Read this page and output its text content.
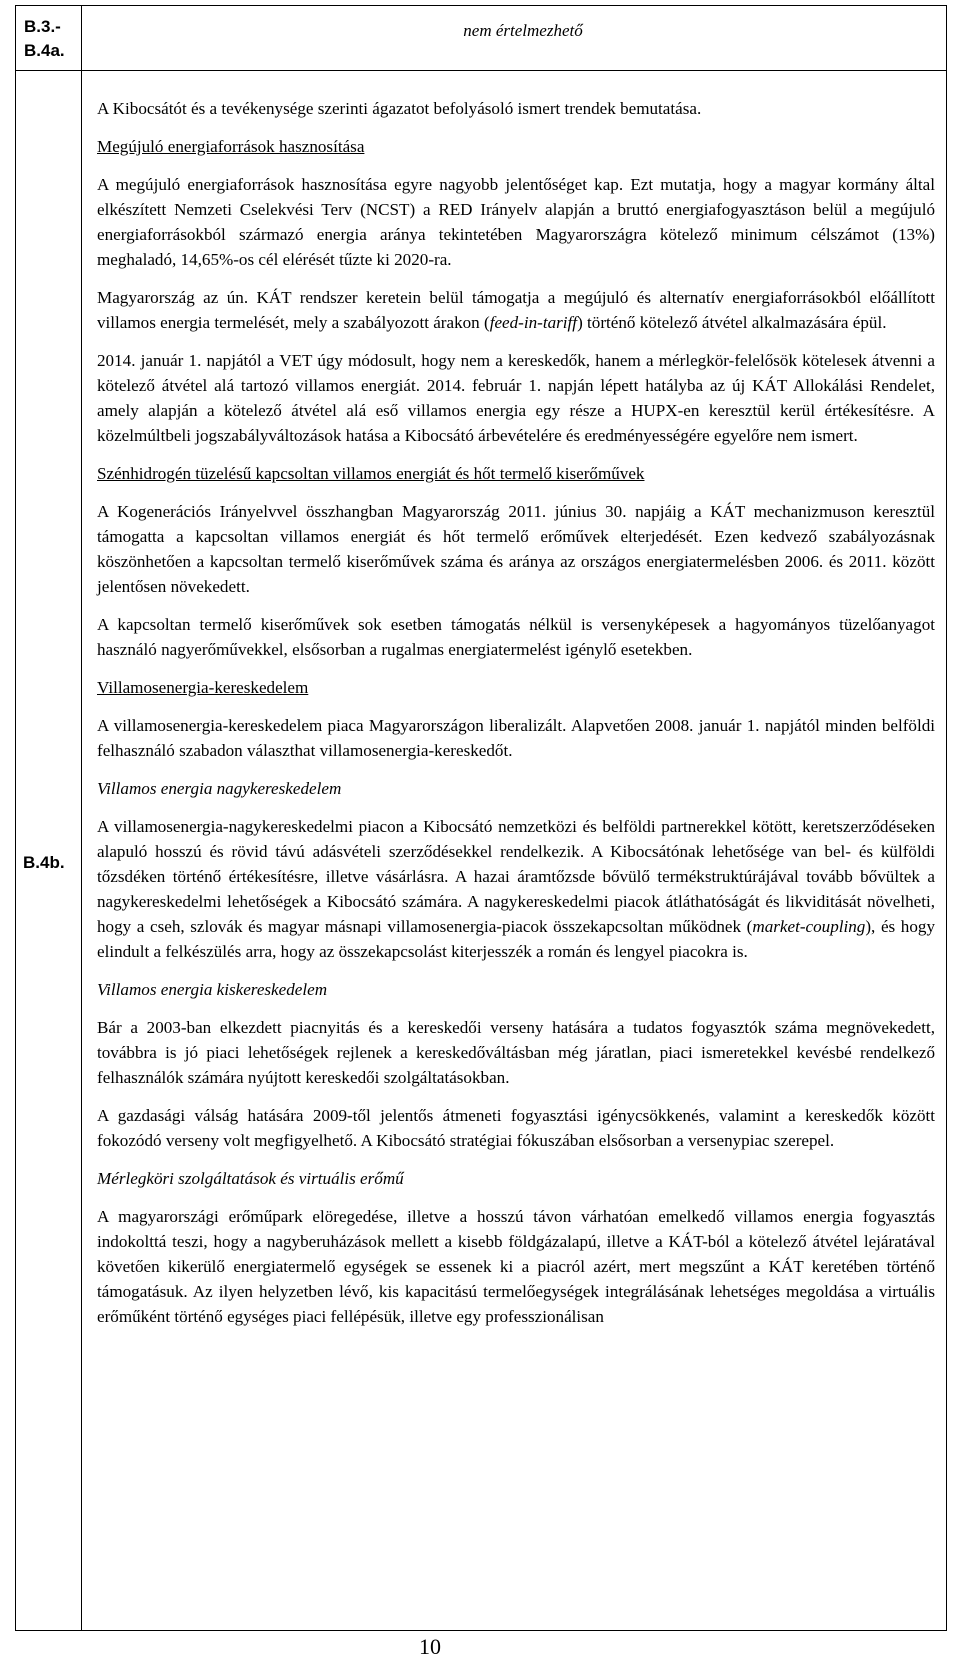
B.3.-
B.4a.
nem értelmezhető
B.4b.

A Kibocsátót és a tevékenysége szerinti ágazatot befolyásoló ismert trendek bemutatása.

Megújuló energiaforrások hasznosítása

A megújuló energiaforrások hasznosítása egyre nagyobb jelentőséget kap. Ezt mutatja, hogy a magyar kormány által elkészített Nemzeti Cselekvési Terv (NCST) a RED Irányelv alapján a bruttó energiafogyasztáson belül a megújuló energiaforrásokból származó energia aránya tekintetében Magyarországra kötelező minimum célszámot (13%) meghaladó, 14,65%-os cél elérését tűzte ki 2020-ra.

Magyarország az ún. KÁT rendszer keretein belül támogatja a megújuló és alternatív energiaforrásokból előállított villamos energia termelését, mely a szabályozott árakon (feed-in-tariff) történő kötelező átvétel alkalmazására épül.

2014. január 1. napjától a VET úgy módosult, hogy nem a kereskedők, hanem a mérlegkör-felelősök kötelesek átvenni a kötelező átvétel alá tartozó villamos energiát. 2014. február 1. napján lépett hatályba az új KÁT Allokálási Rendelet, amely alapján a kötelező átvétel alá eső villamos energia egy része a HUPX-en keresztül kerül értékesítésre. A közelmúltbeli jogszabályváltozások hatása a Kibocsátó árbevételére és eredményességére egyelőre nem ismert.

Szénhidrogén tüzelésű kapcsoltan villamos energiát és hőt termelő kiserőművek

A Kogenerációs Irányelvvel összhangban Magyarország 2011. június 30. napjáig a KÁT mechanizmuson keresztül támogatta a kapcsoltan villamos energiát és hőt termelő erőművek elterjedését. Ezen kedvező szabályozásnak köszönhetően a kapcsoltan termelő kiserőművek száma és aránya az országos energiatermelésben 2006. és 2011. között jelentősen növekedett.

A kapcsoltan termelő kiserőművek sok esetben támogatás nélkül is versenyképesek a hagyományos tüzelőanyagot használó nagyerőművekkel, elsősorban a rugalmas energiatermelést igénylő esetekben.

Villamosenergia-kereskedelem

A villamosenergia-kereskedelem piaca Magyarországon liberalizált. Alapvetően 2008. január 1. napjától minden belföldi felhasználó szabadon választhat villamosenergia-kereskedőt.

Villamos energia nagykereskedelem

A villamosenergia-nagykereskedelmi piacon a Kibocsátó nemzetközi és belföldi partnerekkel kötött, keretszerződéseken alapuló hosszú és rövid távú adásvételi szerződésekkel rendelkezik. A Kibocsátónak lehetősége van bel- és külföldi tőzsdéken történő értékesítésre, illetve vásárlásra. A hazai áramtőzsde bővülő termékstruktúrájával tovább bővültek a nagykereskedelmi lehetőségek a Kibocsátó számára. A nagykereskedelmi piacok átláthatóságát és likviditását növelheti, hogy a cseh, szlovák és magyar másnapi villamosenergia-piacok összekapcsoltan működnek (market-coupling), és hogy elindult a felkészülés arra, hogy az összekapcsolást kiterjesszék a román és lengyel piacokra is.

Villamos energia kiskereskedelem

Bár a 2003-ban elkezdett piacnyitás és a kereskedői verseny hatására a tudatos fogyasztók száma megnövekedett, továbbra is jó piaci lehetőségek rejlenek a kereskedőváltásban még járatlan, piaci ismeretekkel kevésbé rendelkező felhasználók számára nyújtott kereskedői szolgáltatásokban.

A gazdasági válság hatására 2009-től jelentős átmeneti fogyasztási igénycsökkenés, valamint a kereskedők között fokozódó verseny volt megfigyelhető. A Kibocsátó stratégiai fókuszában elsősorban a versenypiac szerepel.

Mérlegköri szolgáltatások és virtuális erőmű

A magyarországi erőműpark elöregedése, illetve a hosszú távon várhatóan emelkedő villamos energia fogyasztás indokolttá teszi, hogy a nagyberuházások mellett a kisebb földgázalapú, illetve a KÁT-ból a kötelező átvétel lejáratával követően kikerülő energiatermelő egységek se essenek ki a piacról azért, mert megszűnt a KÁT keretében történő támogatásuk. Az ilyen helyzetben lévő, kis kapacitású termelőegységek integrálásának lehetséges megoldása a virtuális erőműként történő egységes piaci fellépésük, illetve egy professzionálisan

10
